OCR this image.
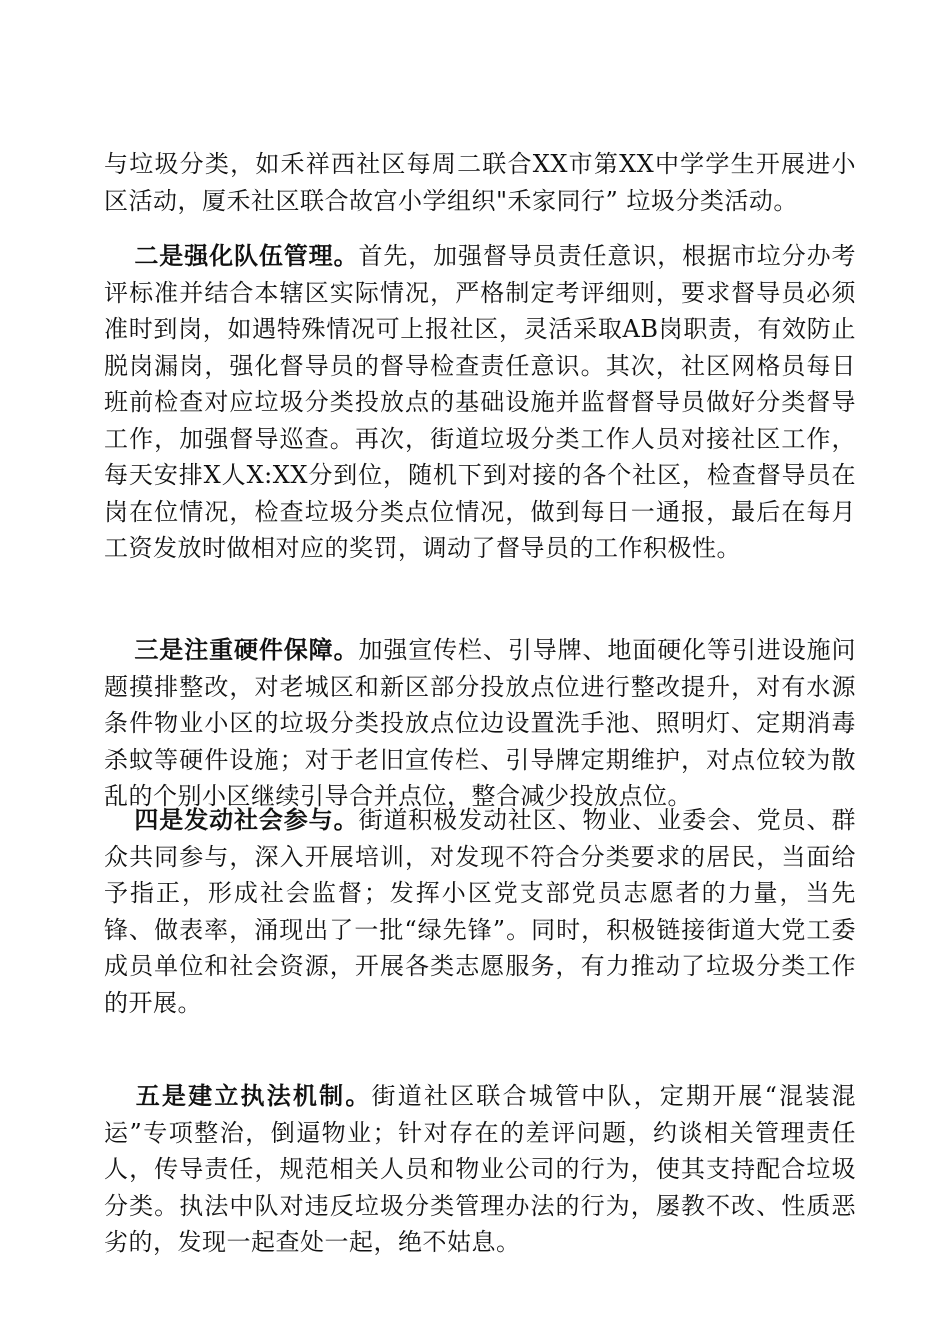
与垃圾分类，如禾祥西社区每周二联合XX市第XX中学学生开展进小区活动，厦禾社区联合故宫小学组织"禾家同行” 垃圾分类活动。

二是强化队伍管理。首先，加强督导员责任意识，根据市垃分办考评标准并结合本辖区实际情况，严格制定考评细则，要求督导员必须准时到岗，如遇特殊情况可上报社区，灵活采取AB岗职责，有效防止脱岗漏岗，强化督导员的督导检查责任意识。其次，社区网格员每日班前检查对应垃圾分类投放点的基础设施并监督督导员做好分类督导工作，加强督导巡查。再次，街道垃圾分类工作人员对接社区工作，每天安排X人X:XX分到位，随机下到对接的各个社区，检查督导员在岗在位情况，检查垃圾分类点位情况，做到每日一通报，最后在每月工资发放时做相对应的奖罚，调动了督导员的工作积极性。

三是注重硬件保障。加强宣传栏、引导牌、地面硬化等引进设施问题摸排整改，对老城区和新区部分投放点位进行整改提升，对有水源条件物业小区的垃圾分类投放点位边设置洗手池、照明灯、定期消毒杀蚊等硬件设施；对于老旧宣传栏、引导牌定期维护，对点位较为散乱的个别小区继续引导合并点位，整合减少投放点位。

四是发动社会参与。街道积极发动社区、物业、业委会、党员、群众共同参与，深入开展培训，对发现不符合分类要求的居民，当面给予指正，形成社会监督；发挥小区党支部党员志愿者的力量，当先锋、做表率，涌现出了一批“绿先锋”。同时，积极链接街道大党工委成员单位和社会资源，开展各类志愿服务，有力推动了垃圾分类工作的开展。

五是建立执法机制。街道社区联合城管中队，定期开展“混装混运”专项整治，倒逼物业；针对存在的差评问题，约谈相关管理责任人，传导责任，规范相关人员和物业公司的行为，使其支持配合垃圾分类。执法中队对违反垃圾分类管理办法的行为，屡教不改、性质恶劣的，发现一起查处一起，绝不姑息。
